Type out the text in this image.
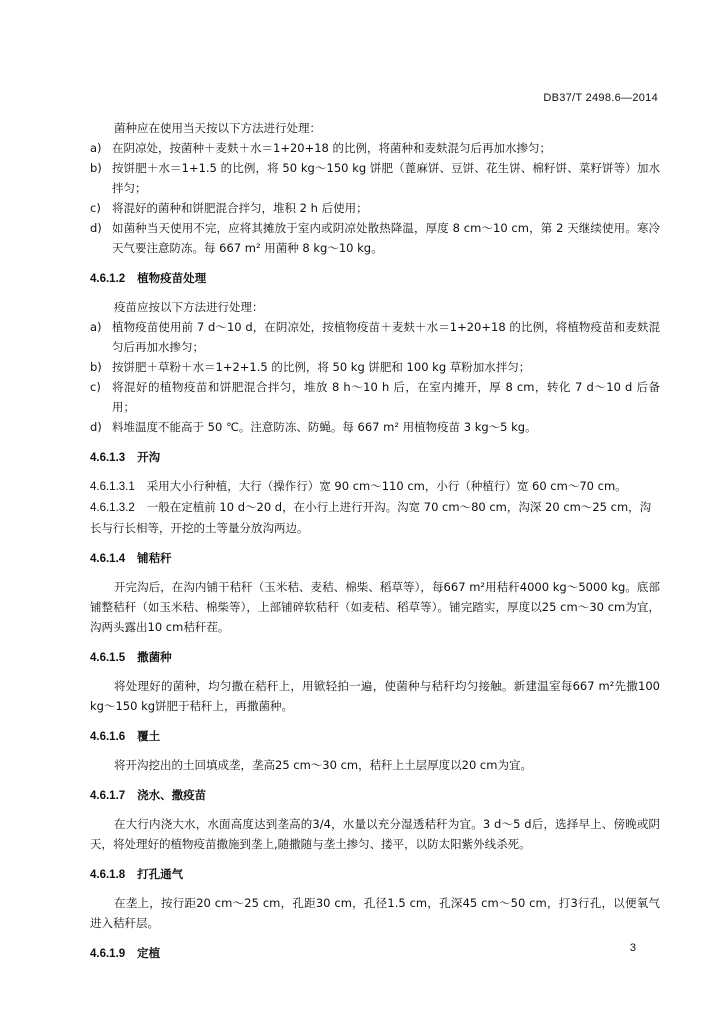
DB37/T 2498.6—2014

菌种应在使用当天按以下方法进行处理：

a) 在阴凉处，按菌种＋麦麸＋水＝1+20+18 的比例，将菌种和麦麸混匀后再加水掺匀；
b) 按饼肥＋水＝1+1.5 的比例，将 50 kg～150 kg 饼肥（蓖麻饼、豆饼、花生饼、棉籽饼、菜籽饼等）加水拌匀；
c) 将混好的菌种和饼肥混合拌匀，堆积 2 h 后使用；
d) 如菌种当天使用不完，应将其摊放于室内或阴凉处散热降温，厚度 8 cm～10 cm，第 2 天继续使用。寒冷天气要注意防冻。每 667 m² 用菌种 8 kg～10 kg。
4.6.1.2 植物疫苗处理

疫苗应按以下方法进行处理：

a) 植物疫苗使用前 7 d～10 d，在阴凉处，按植物疫苗＋麦麸＋水＝1+20+18 的比例，将植物疫苗和麦麸混匀后再加水掺匀；
b) 按饼肥＋草粉＋水＝1+2+1.5 的比例，将 50 kg 饼肥和 100 kg 草粉加水拌匀；
c) 将混好的植物疫苗和饼肥混合拌匀，堆放 8 h～10 h 后，在室内摊开，厚 8 cm，转化 7 d～10 d 后备用；
d) 料堆温度不能高于 50 ℃。注意防冻、防蝇。每 667 m² 用植物疫苗 3 kg～5 kg。
4.6.1.3 开沟

4.6.1.3.1 采用大小行种植，大行（操作行）宽 90 cm～110 cm，小行（种植行）宽 60 cm～70 cm。

4.6.1.3.2 一般在定植前 10 d～20 d，在小行上进行开沟。沟宽 70 cm～80 cm，沟深 20 cm～25 cm，沟长与行长相等，开挖的土等量分放沟两边。

4.6.1.4 铺秸秆

开完沟后，在沟内铺干秸秆（玉米秸、麦秸、棉柴、稻草等），每667 m²用秸秆4000 kg～5000 kg。底部铺整秸秆（如玉米秸、棉柴等），上部铺碎软秸秆（如麦秸、稻草等）。铺完踏实，厚度以25 cm～30 cm为宜，沟两头露出10 cm秸秆茬。

4.6.1.5 撒菌种

将处理好的菌种，均匀撒在秸秆上，用锨轻拍一遍，使菌种与秸秆均匀接触。新建温室每667 m²先撒100 kg～150 kg饼肥于秸秆上，再撒菌种。

4.6.1.6 覆土

将开沟挖出的土回填成垄，垄高25 cm～30 cm，秸秆上土层厚度以20 cm为宜。

4.6.1.7 浇水、撒疫苗

在大行内浇大水，水面高度达到垄高的3/4，水量以充分湿透秸秆为宜。3 d～5 d后，选择早上、傍晚或阴天，将处理好的植物疫苗撒施到垄上,随撒随与垄土掺匀、搂平，以防太阳紫外线杀死。

4.6.1.8 打孔通气

在垄上，按行距20 cm～25 cm，孔距30 cm，孔径1.5 cm，孔深45 cm～50 cm，打3行孔，以便氧气进入秸秆层。

4.6.1.9 定植	3
